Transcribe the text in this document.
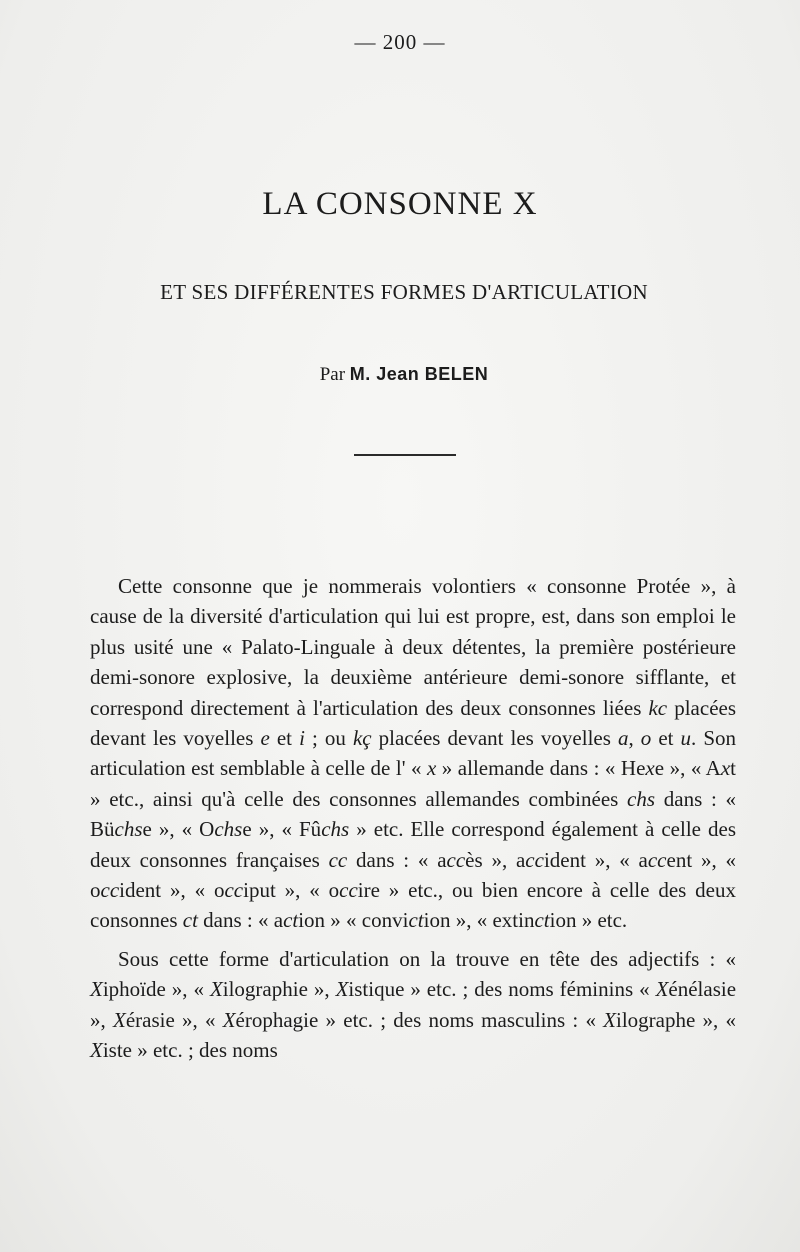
— 200 —
LA CONSONNE X
ET SES DIFFÉRENTES FORMES D'ARTICULATION
Par M. Jean BELEN

Cette consonne que je nommerais volontiers « consonne Protée », à cause de la diversité d'articulation qui lui est propre, est, dans son emploi le plus usité une « Palato-Linguale à deux détentes, la première postérieure demi-sonore explosive, la deuxième antérieure demi-sonore sifflante, et correspond directement à l'articulation des deux consonnes liées kc placées devant les voyelles e et i ; ou kç placées devant les voyelles a, o et u. Son articulation est semblable à celle de l' « x » allemande dans : « Hexe », « Axt » etc., ainsi qu'à celle des consonnes allemandes combinées chs dans : « Büchse », « Ochse », « Fûchs » etc. Elle correspond également à celle des deux consonnes françaises cc dans : « accès », accident », « accent », « occident », « occiput », « occire » etc., ou bien encore à celle des deux consonnes ct dans : « action » « conviction », « extinction » etc.

Sous cette forme d'articulation on la trouve en tête des adjectifs : « Xiphoïde », « Xilographie », Xistique » etc. ; des noms féminins « Xénélasie », Xérasie », « Xérophagie » etc. ; des noms masculins : « Xilographe », « Xiste » etc. ; des noms
